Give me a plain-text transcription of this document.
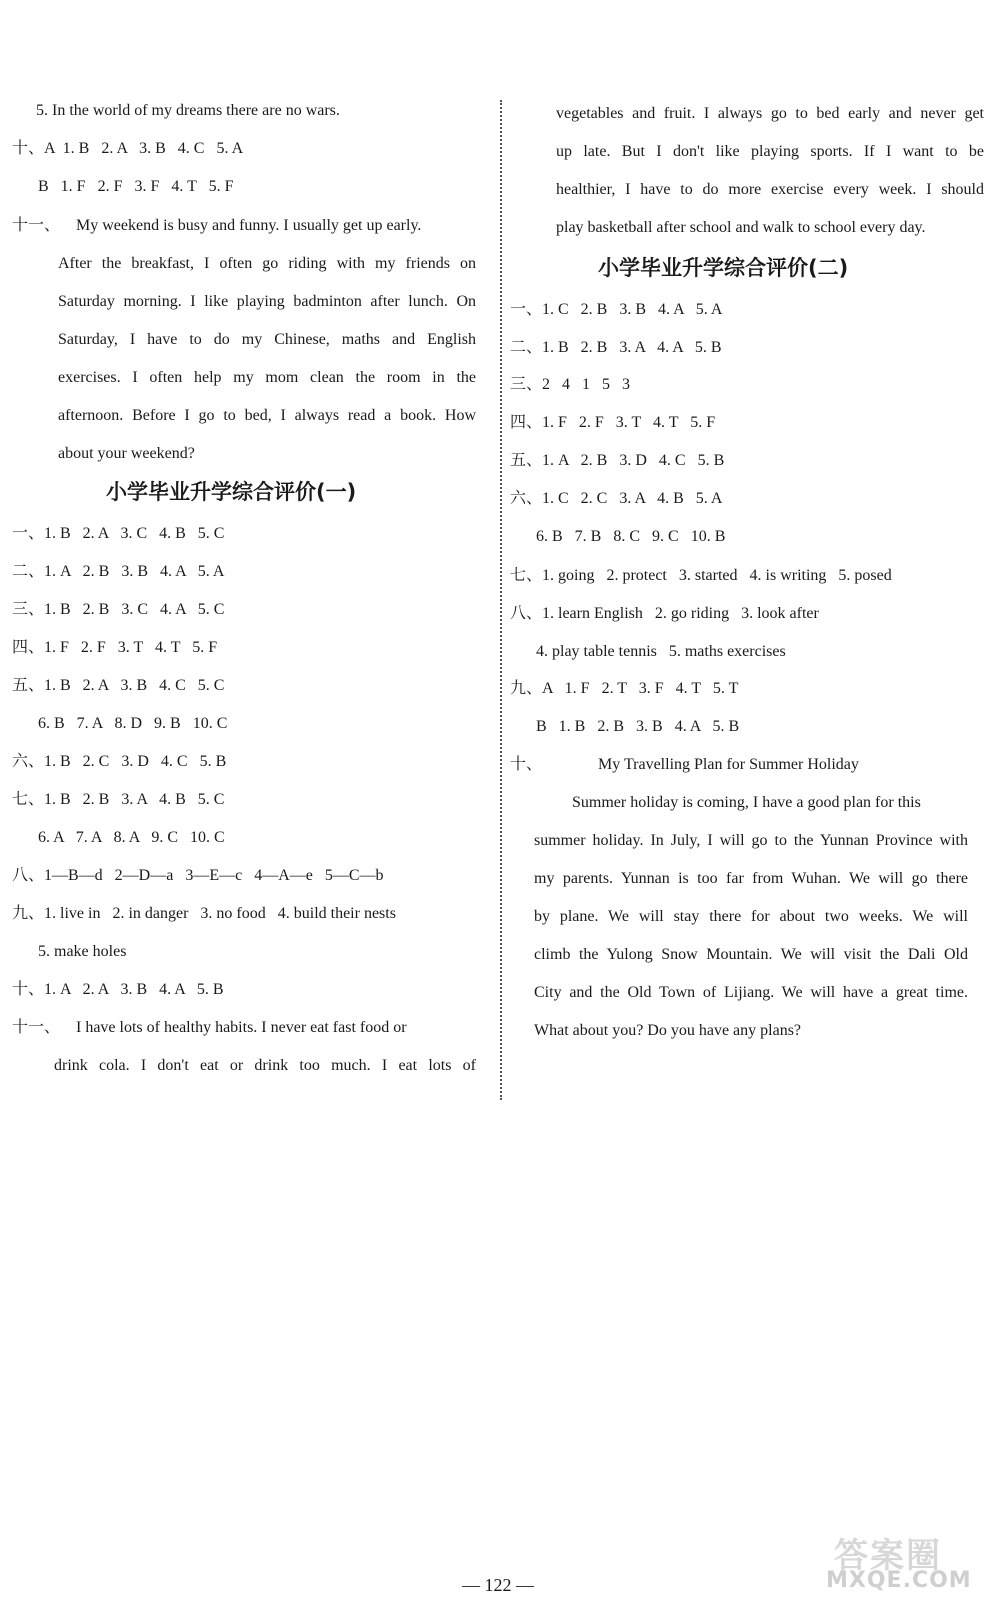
5. In the world of my dreams there are no wars.
十、A  1. B   2. A   3. B   4. C   5. A
B   1. F   2. F   3. F   4. T   5. F
十一、    My weekend is busy and funny. I usually get up early.
After the breakfast, I often go riding with my friends on
Saturday morning. I like playing badminton after lunch. On
Saturday, I have to do my Chinese, maths and English
exercises. I often help my mom clean the room in the
afternoon. Before I go to bed, I always read a book. How
about your weekend?
小学毕业升学综合评价(一)
一、1. B   2. A   3. C   4. B   5. C
二、1. A   2. B   3. B   4. A   5. A
三、1. B   2. B   3. C   4. A   5. C
四、1. F   2. F   3. T   4. T   5. F
五、1. B   2. A   3. B   4. C   5. C
6. B   7. A   8. D   9. B   10. C
六、1. B   2. C   3. D   4. C   5. B
七、1. B   2. B   3. A   4. B   5. C
6. A   7. A   8. A   9. C   10. C
八、1—B—d   2—D—a   3—E—c   4—A—e   5—C—b
九、1. live in   2. in danger   3. no food   4. build their nests
5. make holes
十、1. A   2. A   3. B   4. A   5. B
十一、    I have lots of healthy habits. I never eat fast food or
drink cola. I don't eat or drink too much. I eat lots of
vegetables and fruit. I always go to bed early and never get
up late. But I don't like playing sports. If I want to be
healthier, I have to do more exercise every week. I should
play basketball after school and walk to school every day.
小学毕业升学综合评价(二)
一、1. C   2. B   3. B   4. A   5. A
二、1. B   2. B   3. A   4. A   5. B
三、2   4   1   5   3
四、1. F   2. F   3. T   4. T   5. F
五、1. A   2. B   3. D   4. C   5. B
六、1. C   2. C   3. A   4. B   5. A
6. B   7. B   8. C   9. C   10. B
七、1. going   2. protect   3. started   4. is writing   5. posed
八、1. learn English   2. go riding   3. look after
4. play table tennis   5. maths exercises
九、A   1. F   2. T   3. F   4. T   5. T
B   1. B   2. B   3. B   4. A   5. B
十、	My Travelling Plan for Summer Holiday
Summer holiday is coming, I have a good plan for this
summer holiday. In July, I will go to the Yunnan Province with
my parents. Yunnan is too far from Wuhan. We will go there
by plane. We will stay there for about two weeks. We will
climb the Yulong Snow Mountain. We will visit the Dali Old
City and the Old Town of Lijiang. We will have a great time.
What about you? Do you have any plans?
— 122 —
答案圈
MXQE.COM
